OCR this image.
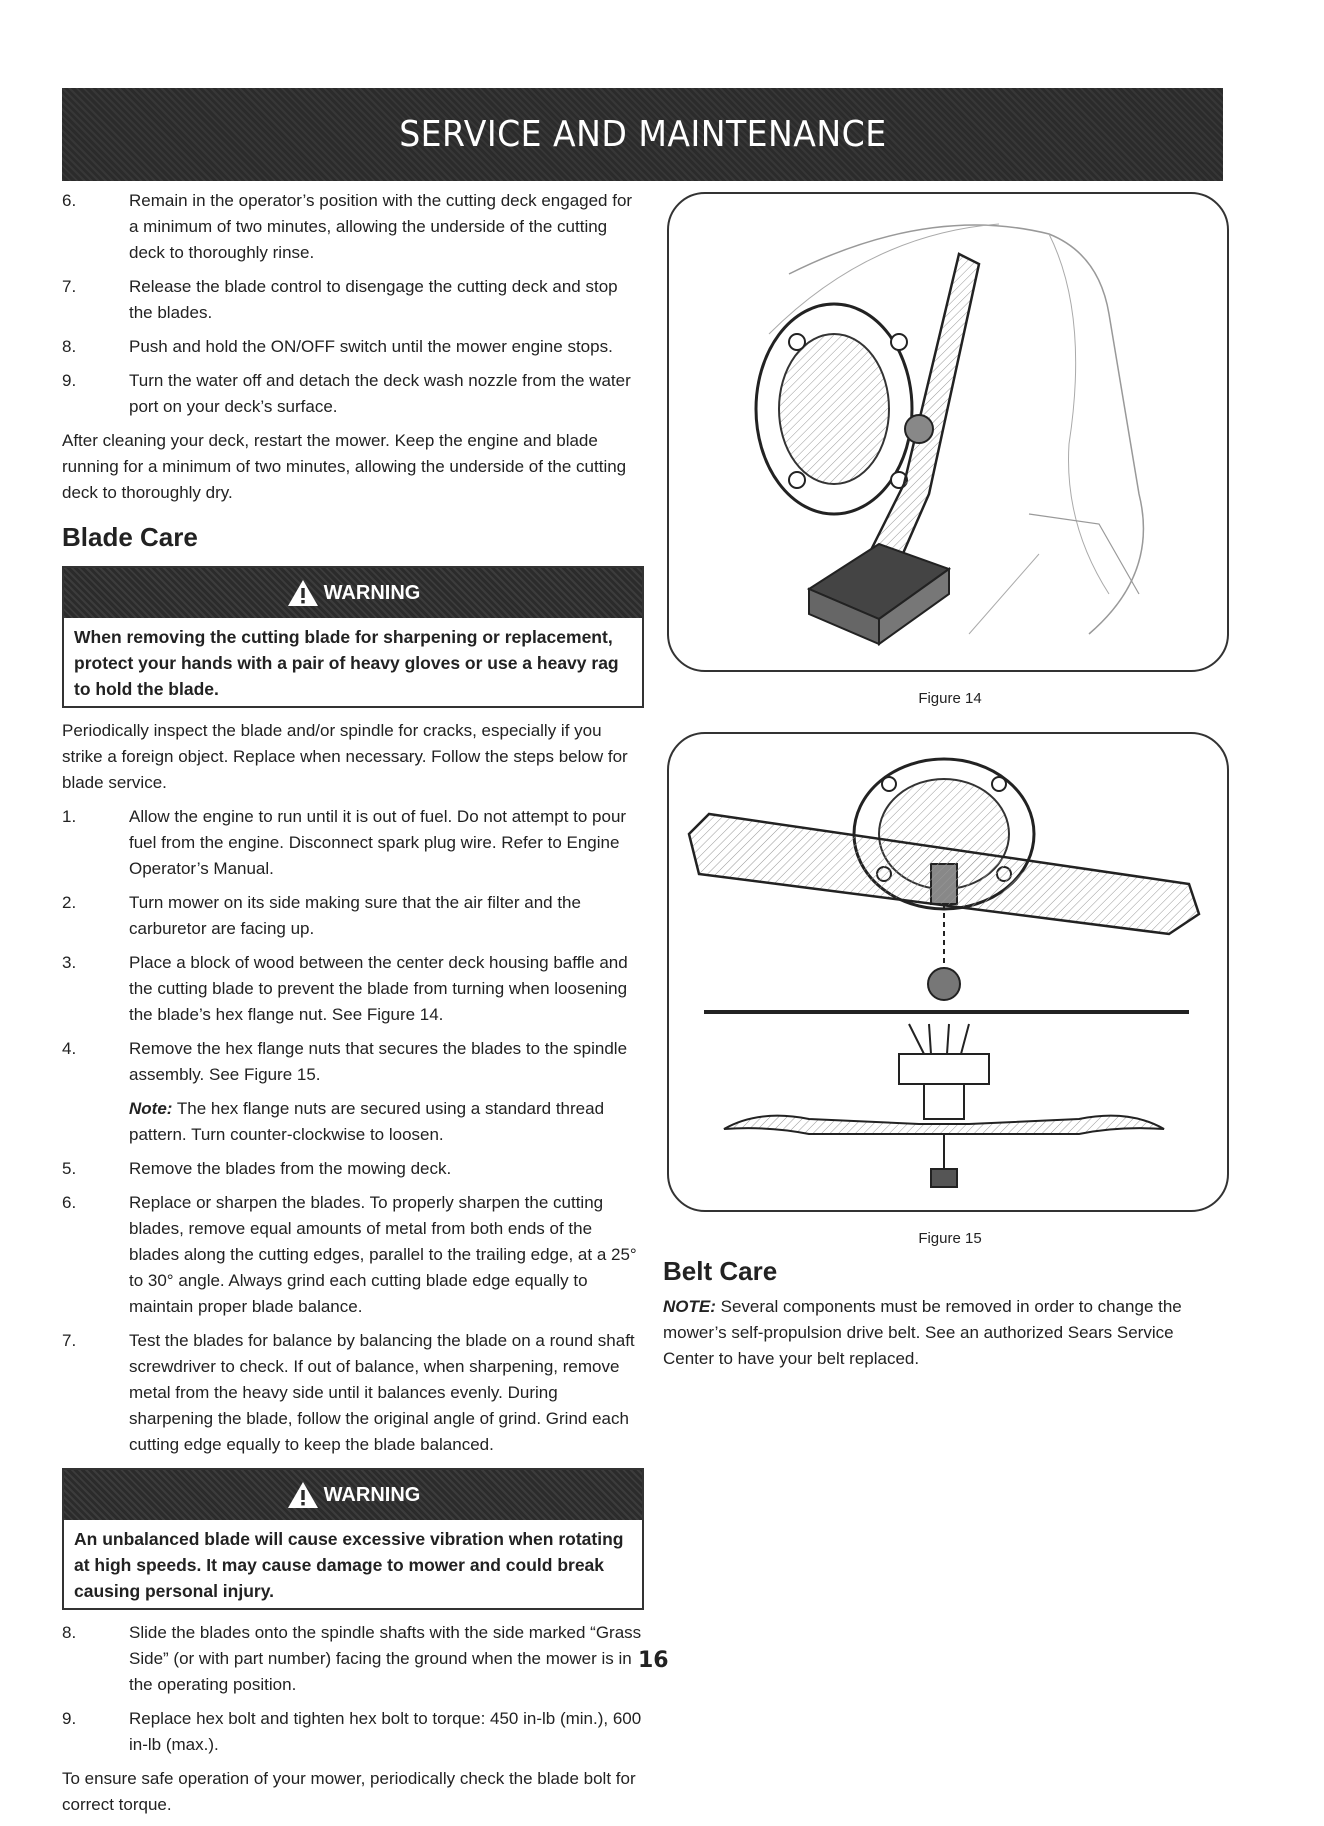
SERVICE AND MAINTENANCE
6.	Remain in the operator’s position with the cutting deck engaged for a minimum of two minutes, allowing the underside of the cutting deck to thoroughly rinse.
7.	Release the blade control to disengage the cutting deck and stop the blades.
8.	Push and hold the ON/OFF switch until the mower engine stops.
9.	Turn the water off and detach the deck wash nozzle from the water port on your deck’s surface.

After cleaning your deck, restart the mower. Keep the engine and blade running for a minimum of two minutes, allowing the underside of the cutting deck to thoroughly dry.

Blade Care
WARNING
When removing the cutting blade for sharpening or replacement, protect your hands with a pair of heavy gloves or use a heavy rag to hold the blade.

Periodically inspect the blade and/or spindle for cracks, especially if you strike a foreign object. Replace when necessary. Follow the steps below for blade service.

1.	Allow the engine to run until it is out of fuel. Do not attempt to pour fuel from the engine. Disconnect spark plug wire. Refer to Engine Operator’s Manual.
2.	Turn mower on its side making sure that the air filter and the carburetor are facing up.
3.	Place a block of wood between the center deck housing baffle and the cutting blade to prevent the blade from turning when loosening the blade’s hex flange nut. See Figure 14.
4.	Remove the hex flange nuts that secures the blades to the spindle assembly. See Figure 15.

Note: The hex flange nuts are secured using a standard thread pattern. Turn counter-clockwise to loosen.

5.	Remove the blades from the mowing deck.
6.	Replace or sharpen the blades. To properly sharpen the cutting blades, remove equal amounts of metal from both ends of the blades along the cutting edges, parallel to the trailing edge, at a 25° to 30° angle. Always grind each cutting blade edge equally to maintain proper blade balance.
7.	Test the blades for balance by balancing the blade on a round shaft screwdriver to check. If out of balance, when sharpening, remove metal from the heavy side until it balances evenly. During sharpening the blade, follow the original angle of grind. Grind each cutting edge equally to keep the blade balanced.
WARNING
An unbalanced blade will cause excessive vibration when rotating at high speeds. It may cause damage to mower and could break causing personal injury.
8.	Slide the blades onto the spindle shafts with the side marked “Grass Side” (or with part number) facing the ground when the mower is in the operating position.
9.	Replace hex bolt and tighten hex bolt to torque: 450 in-lb (min.), 600 in-lb (max.).

To ensure safe operation of your mower, periodically check the blade bolt for correct torque.

Figure 14
Figure 15
Belt Care

NOTE: Several components must be removed in order to change the mower’s self-propulsion drive belt. See an authorized Sears Service Center to have your belt replaced.

16
